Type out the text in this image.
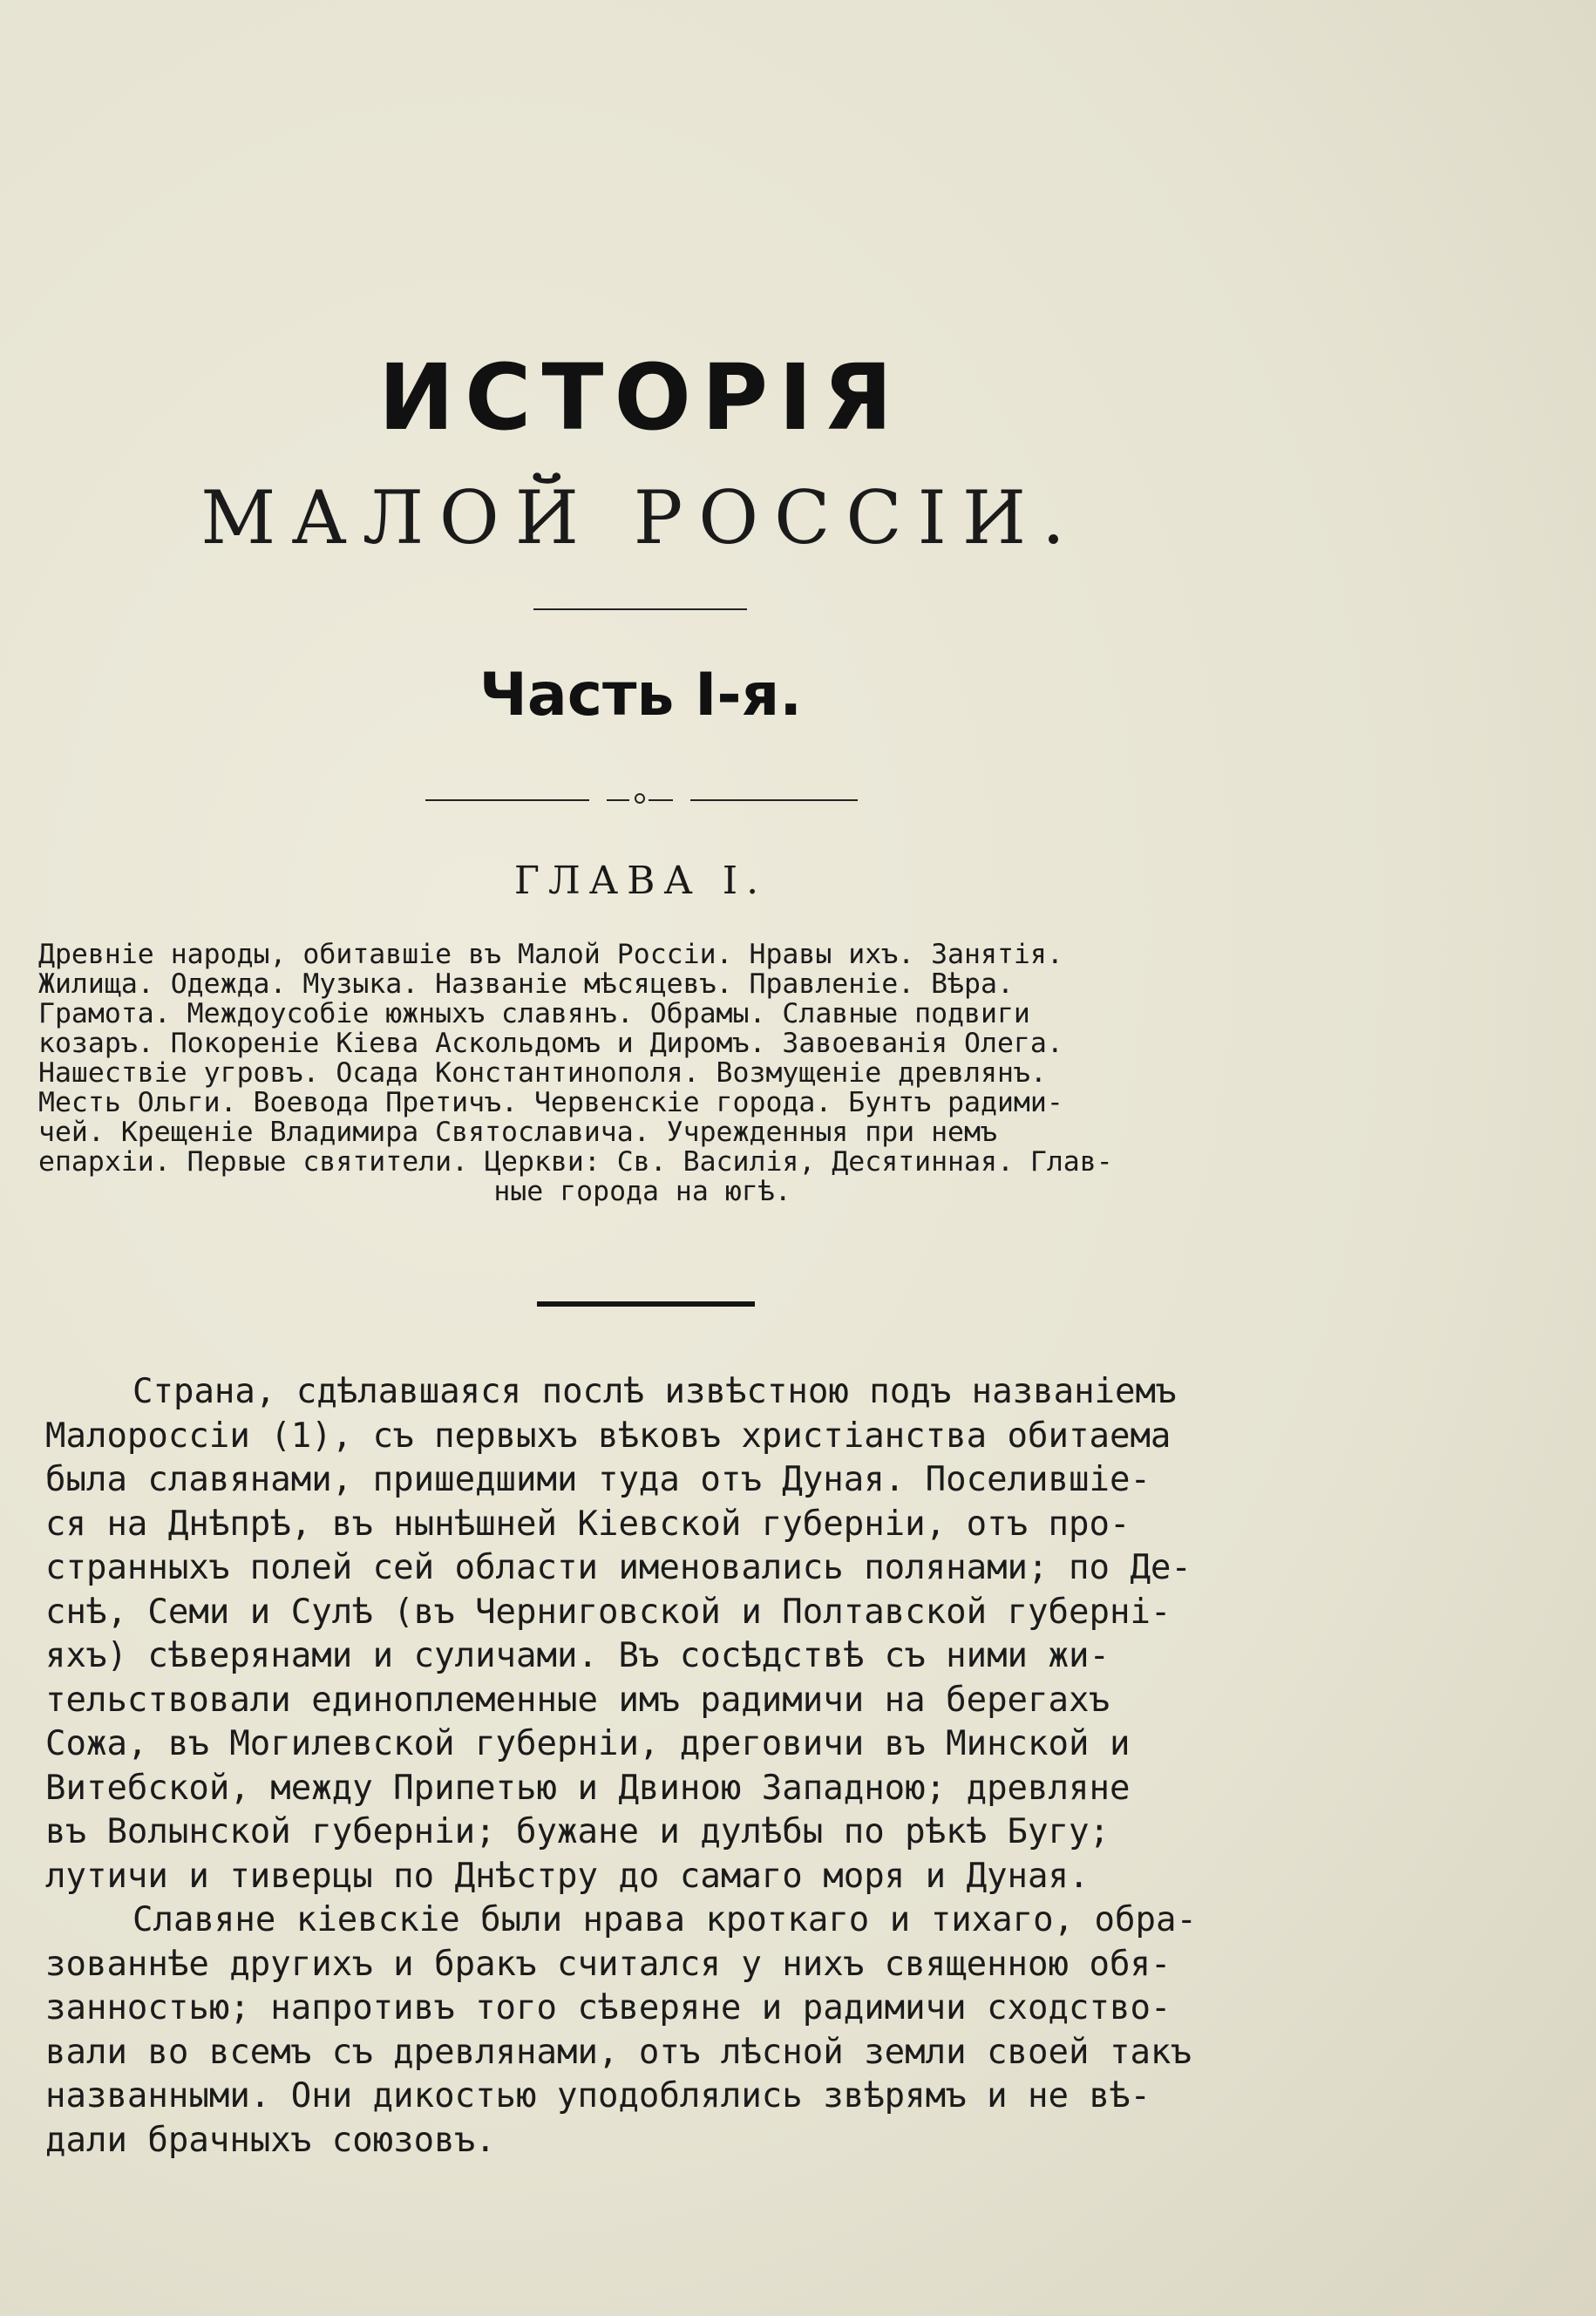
ИСТОРІЯ
МАЛОЙ РОССІИ.
Часть I-я.
ГЛАВА I.
Древніе народы, обитавшіе въ Малой Россіи. Нравы ихъ. Занятія.
Жилища. Одежда. Музыка. Названіе мѣсяцевъ. Правленіе. Вѣра.
Грамота. Междоусобіе южныхъ славянъ. Обрамы. Славные подвиги
козаръ. Покореніе Кіева Аскольдомъ и Диромъ. Завоеванія Олега.
Нашествіе угровъ. Осада Константинополя. Возмущеніе древлянъ.
Месть Ольги. Воевода Претичъ. Червенскіе города. Бунтъ радими-
чей. Крещеніе Владимира Святославича. Учрежденныя при немъ
епархіи. Первые святители. Церкви: Св. Василія, Десятинная. Глав-
ные города на югѣ.
Страна, сдѣлавшаяся послѣ извѣстною подъ названіемъ
Малороссіи (1), съ первыхъ вѣковъ христіанства обитаема
была славянами, пришедшими туда отъ Дуная. Поселившіе-
ся на Днѣпрѣ, въ нынѣшней Кіевской губерніи, отъ про-
странныхъ полей сей области именовались полянами; по Де-
снѣ, Семи и Сулѣ (въ Черниговской и Полтавской губерні-
яхъ) сѣверянами и суличами. Въ сосѣдствѣ съ ними жи-
тельствовали единоплеменные имъ радимичи на берегахъ
Сожа, въ Могилевской губерніи, дреговичи въ Минской и
Витебской, между Припетью и Двиною Западною; древляне
въ Волынской губерніи; бужане и дулѣбы по рѣкѣ Бугу;
лутичи и тиверцы по Днѣстру до самаго моря и Дуная.
Славяне кіевскіе были нрава кроткаго и тихаго, обра-
зованнѣе другихъ и бракъ считался у нихъ священною обя-
занностью; напротивъ того сѣверяне и радимичи сходство-
вали во всемъ съ древлянами, отъ лѣсной земли своей такъ
названными. Они дикостью уподоблялись звѣрямъ и не вѣ-
дали брачныхъ союзовъ.
